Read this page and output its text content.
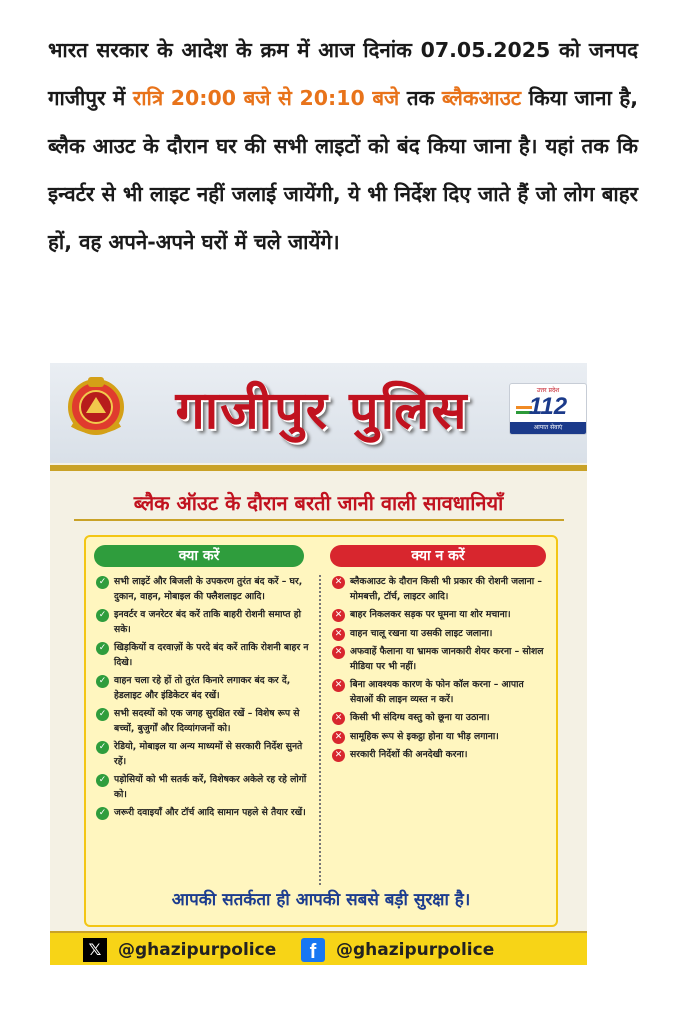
भारत सरकार के आदेश के क्रम में आज दिनांक 07.05.2025 को जनपद गाजीपुर में रात्रि 20:00 बजे से 20:10 बजे तक ब्लैकआउट किया जाना है, ब्लैक आउट के दौरान घर की सभी लाइटों को बंद किया जाना है। यहां तक कि इन्वर्टर से भी लाइट नहीं जलाई जायेंगी, ये भी निर्देश दिए जाते हैं जो लोग बाहर हों, वह अपने-अपने घरों में चले जायेंगे।
गाजीपुर पुलिस	उत्तर प्रदेश
112
आपात सेवाएं
ब्लैक ऑउट के दौरान बरती जानी वाली सावधानियाँ
क्या करें	क्या न करें
✓ सभी लाइटें और बिजली के उपकरण तुरंत बंद करें – घर, दुकान, वाहन, मोबाइल की फ्लैशलाइट आदि।
✓ इनवर्टर व जनरेटर बंद करें ताकि बाहरी रोशनी समाप्त हो सके।
✓ खिड़कियों व दरवाज़ों के परदे बंद करें ताकि रोशनी बाहर न दिखे।
✓ वाहन चला रहे हों तो तुरंत किनारे लगाकर बंद कर दें, हेडलाइट और इंडिकेटर बंद रखें।
✓ सभी सदस्यों को एक जगह सुरक्षित रखें – विशेष रूप से बच्चों, बुजुर्गों और दिव्यांगजनों को।
✓ रेडियो, मोबाइल या अन्य माध्यमों से सरकारी निर्देश सुनते रहें।
✓ पड़ोसियों को भी सतर्क करें, विशेषकर अकेले रह रहे लोगों को।
✓ जरूरी दवाइयाँ और टॉर्च आदि सामान पहले से तैयार रखें।
✕ ब्लैकआउट के दौरान किसी भी प्रकार की रोशनी जलाना – मोमबत्ती, टॉर्च, लाइटर आदि।
✕ बाहर निकलकर सड़क पर घूमना या शोर मचाना।
✕ वाहन चालू रखना या उसकी लाइट जलाना।
✕ अफवाहें फैलाना या भ्रामक जानकारी शेयर करना – सोशल मीडिया पर भी नहीं।
✕ बिना आवश्यक कारण के फोन कॉल करना – आपात सेवाओं की लाइन व्यस्त न करें।
✕ किसी भी संदिग्ध वस्तु को छूना या उठाना।
✕ सामूहिक रूप से इकट्ठा होना या भीड़ लगाना।
✕ सरकारी निर्देशों की अनदेखी करना।
आपकी सतर्कता ही आपकी सबसे बड़ी सुरक्षा है।
𝕏 @ghazipurpolice	f	@ghazipurpolice
